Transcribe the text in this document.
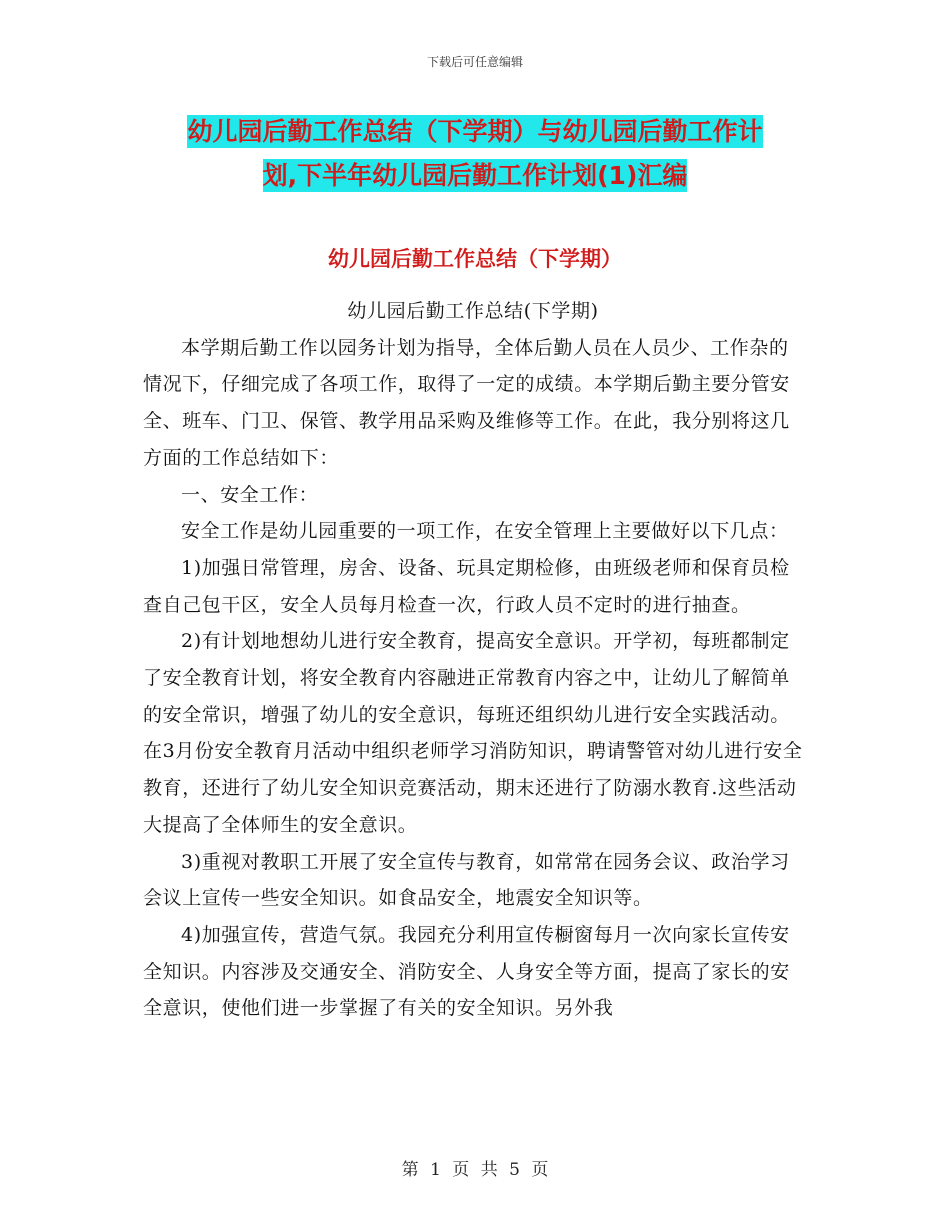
下载后可任意编辑
幼儿园后勤工作总结（下学期）与幼儿园后勤工作计
划,下半年幼儿园后勤工作计划(1)汇编
幼儿园后勤工作总结（下学期）

幼儿园后勤工作总结(下学期)

本学期后勤工作以园务计划为指导，全体后勤人员在人员少、工作杂的情况下，仔细完成了各项工作，取得了一定的成绩。本学期后勤主要分管安全、班车、门卫、保管、教学用品采购及维修等工作。在此，我分别将这几方面的工作总结如下：

一、安全工作：

安全工作是幼儿园重要的一项工作，在安全管理上主要做好以下几点：

1)加强日常管理，房舍、设备、玩具定期检修，由班级老师和保育员检查自己包干区，安全人员每月检查一次，行政人员不定时的进行抽查。

2)有计划地想幼儿进行安全教育，提高安全意识。开学初，每班都制定了安全教育计划，将安全教育内容融进正常教育内容之中，让幼儿了解简单的安全常识，增强了幼儿的安全意识，每班还组织幼儿进行安全实践活动。在3月份安全教育月活动中组织老师学习消防知识，聘请警管对幼儿进行安全教育，还进行了幼儿安全知识竞赛活动，期末还进行了防溺水教育.这些活动大提高了全体师生的安全意识。

3)重视对教职工开展了安全宣传与教育，如常常在园务会议、政治学习会议上宣传一些安全知识。如食品安全，地震安全知识等。

4)加强宣传，营造气氛。我园充分利用宣传橱窗每月一次向家长宣传安全知识。内容涉及交通安全、消防安全、人身安全等方面，提高了家长的安全意识，使他们进一步掌握了有关的安全知识。另外我

第 1 页 共 5 页
